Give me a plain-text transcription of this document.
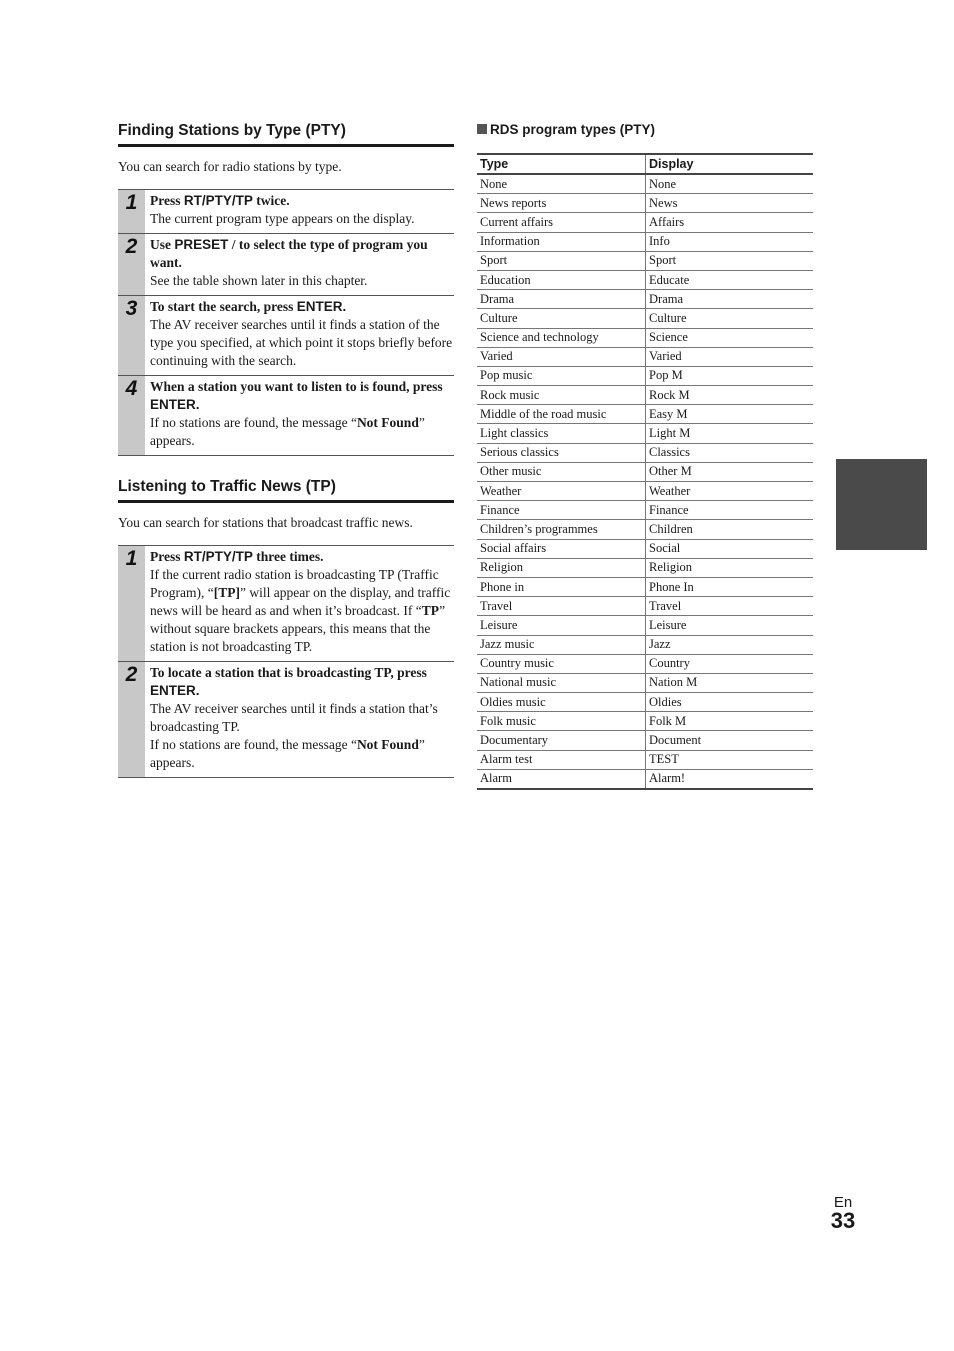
Finding Stations by Type (PTY)

You can search for radio stations by type.

1 Press RT/PTY/TP twice.

The current program type appears on the display.

2 Use PRESET / to select the type of program you want.

See the table shown later in this chapter.

3 To start the search, press ENTER.

The AV receiver searches until it finds a station of the type you specified, at which point it stops briefly before continuing with the search.

4 When a station you want to listen to is found, press ENTER.

If no stations are found, the message “Not Found” appears.

Listening to Traffic News (TP)

You can search for stations that broadcast traffic news.

1 Press RT/PTY/TP three times.

If the current radio station is broadcasting TP (Traffic Program), “[TP]” will appear on the display, and traffic news will be heard as and when it’s broadcast. If “TP” without square brackets appears, this means that the station is not broadcasting TP.

2 To locate a station that is broadcasting TP, press ENTER.

The AV receiver searches until it finds a station that’s broadcasting TP.

If no stations are found, the message “Not Found” appears.

RDS program types (PTY)

Type	Display
None	None
News reports	News
Current affairs	Affairs
Information	Info
Sport	Sport
Education	Educate
Drama	Drama
Culture	Culture
Science and technology	Science
Varied	Varied
Pop music	Pop M
Rock music	Rock M
Middle of the road music	Easy M
Light classics	Light M
Serious classics	Classics
Other music	Other M
Weather	Weather
Finance	Finance
Children’s programmes	Children
Social affairs	Social
Religion	Religion
Phone in	Phone In
Travel	Travel
Leisure	Leisure
Jazz music	Jazz
Country music	Country
National music	Nation M
Oldies music	Oldies
Folk music	Folk M
Documentary	Document
Alarm test	TEST
Alarm	Alarm!
En
33
